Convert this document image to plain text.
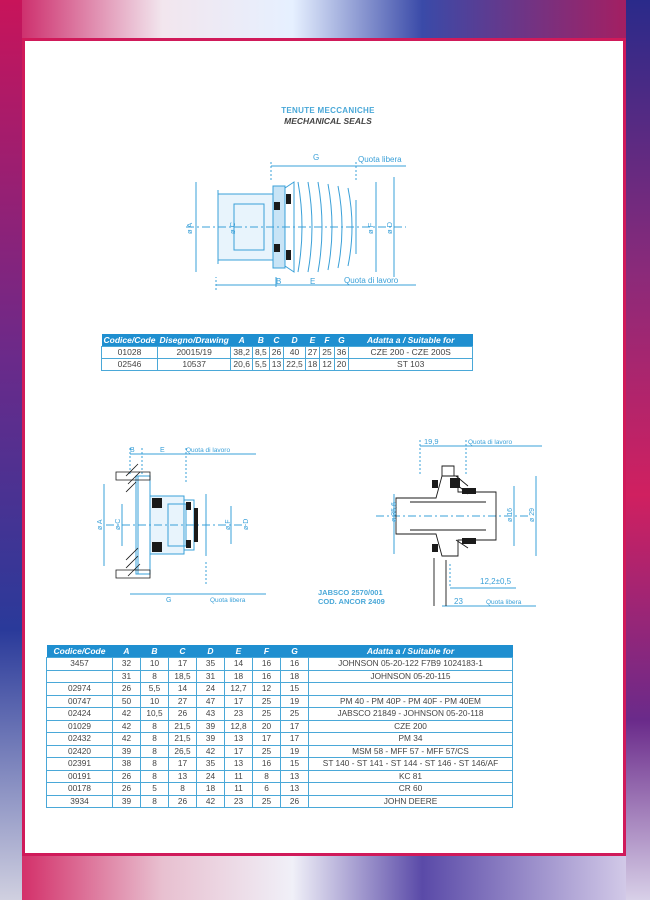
TENUTE MECCANICHE
MECHANICAL SEALS
G	Quota libera
ø A	ø C	ø F ø D
B	E	Quota di lavoro
Codice/Code	Disegno/Drawing	A	B	C	D	E	F	G	Adatta a / Suitable for
01028	20015/19	38,2	8,5	26	40	27	25	36	CZE 200 - CZE 200S
02546	10537	20,6	5,5	13	22,5	18	12	20	ST 103
B	E	Quota di lavoro
ø A ø C	ø F ø D
G	Quota libera
19,9	Quota di lavoro
ø 35,6	ø 16 ø 29
12,2±0,5
23	Quota libera
JABSCO 2570/001
COD. ANCOR 2409
Codice/Code	A	B	C	D	E	F	G	Adatta a / Suitable for
3457	32	10	17	35	14	16	16	JOHNSON 05-20-122 F7B9 1024183-1
	31	8	18,5	31	18	16	18	JOHNSON 05-20-115
02974	26	5,5	14	24	12,7	12	15	
00747	50	10	27	47	17	25	19	PM 40 - PM 40P - PM 40F - PM 40EM
02424	42	10,5	26	43	23	25	25	JABSCO 21849 - JOHNSON 05-20-118
01029	42	8	21,5	39	12,8	20	17	CZE 200
02432	42	8	21,5	39	13	17	17	PM 34
02420	39	8	26,5	42	17	25	19	MSM 58 - MFF 57 - MFF 57/CS
02391	38	8	17	35	13	16	15	ST 140 - ST 141 - ST 144 - ST 146 - ST 146/AF
00191	26	8	13	24	11	8	13	KC 81
00178	26	5	8	18	11	6	13	CR 60
3934	39	8	26	42	23	25	26	JOHN DEERE
